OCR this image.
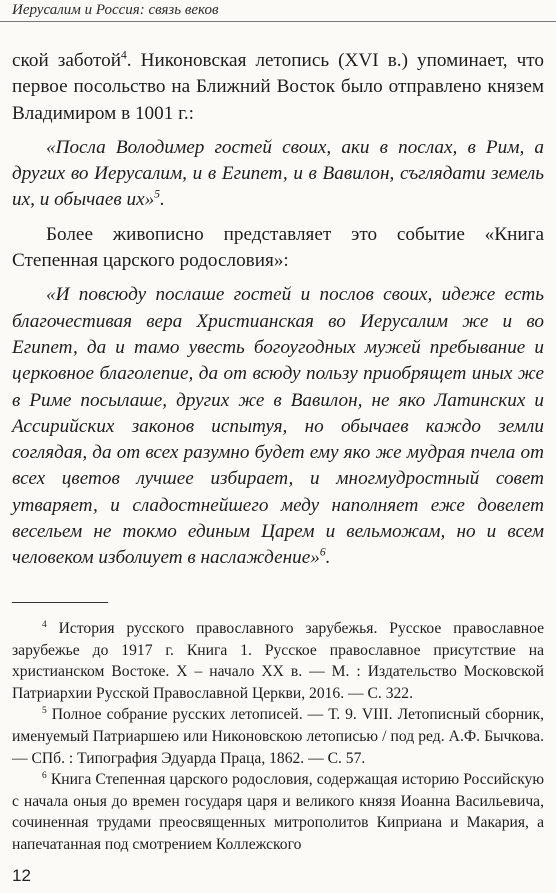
Иерусалим и Россия: связь веков

ской заботой$^4$. Никоновская летопись (XVI в.) упоминает, что первое посольство на Ближний Восток было отправлено князем Владимиром в 1001 г.:

«Посла Володимер гостей своих, аки в послах, в Рим, а других во Иерусалим, и в Египет, и в Вавилон, съглядати земель их, и обычаев их»$^5$.

Более живописно представляет это событие «Книга Степенная царского родословия»:

«И повсюду послаше гостей и послов своих, идеже есть благочестивая вера Христианская во Иерусалим же и во Египет, да и тамо увесть богоугодных мужей пребывание и церковное благолепие, да от всюду пользу приобрящет иных же в Риме посылаше, других же в Вавилон, не яко Латинских и Ассирийских законов испытуя, но обычаев каждо земли соглядая, да от всех разумно будет ему яко же мудрая пчела от всех цветов лучшее избирает, и многмудростный совет утваряет, и сладостнейшего меду наполняет еже довелет весельем не токмо единым Царем и вельможам, но и всем человеком изболиует в наслаждение»$^6$.

$^4$ История русского православного зарубежья. Русское православное зарубежье до 1917 г. Книга 1. Русское православное присутствие на христианском Востоке. X – начало XX в. — М. : Издательство Московской Патриархии Русской Православной Церкви, 2016. — С. 322.

$^5$ Полное собрание русских летописей. — Т. 9. VIII. Летописный сборник, именуемый Патриаршею или Никоновскою летописью / под ред. А.Ф. Бычкова. — СПб. : Типография Эдуарда Праца, 1862. — С. 57.

$^6$ Книга Степенная царского родословия, содержащая историю Российскую с начала оныя до времен государя царя и великого князя Иоанна Васильевича, сочиненная трудами преосвященных митрополитов Киприана и Макария, а напечатанная под смотрением Коллежского

12
